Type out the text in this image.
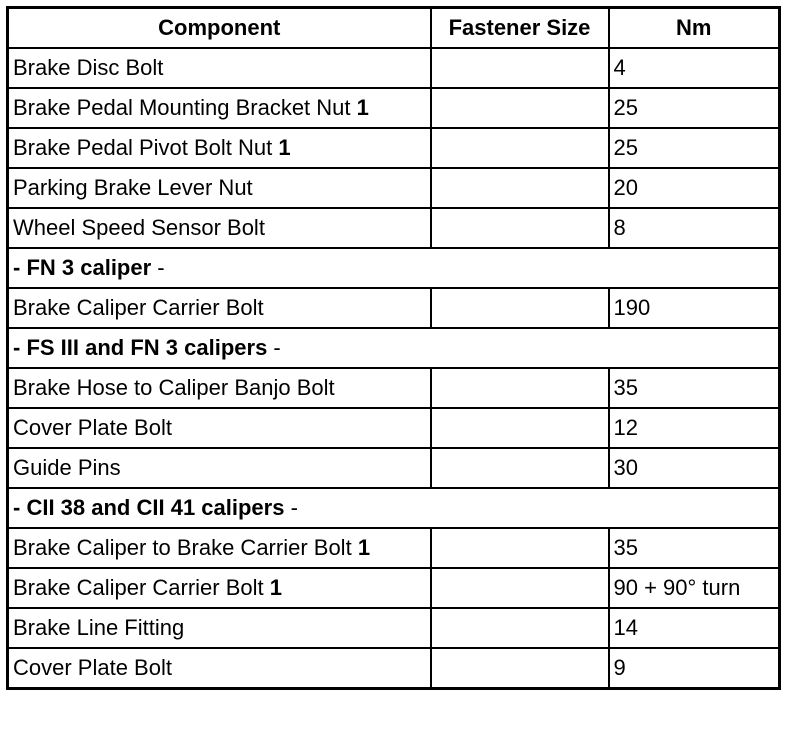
Component	Fastener Size	Nm
Brake Disc Bolt		4
Brake Pedal Mounting Bracket Nut 1		25
Brake Pedal Pivot Bolt Nut 1		25
Parking Brake Lever Nut		20
Wheel Speed Sensor Bolt		8
- FN 3 caliper -		
Brake Caliper Carrier Bolt		190
- FS III and FN 3 calipers -		
Brake Hose to Caliper Banjo Bolt		35
Cover Plate Bolt		12
Guide Pins		30
- CII 38 and CII 41 calipers -		
Brake Caliper to Brake Carrier Bolt 1		35
Brake Caliper Carrier Bolt 1		90 + 90° turn
Brake Line Fitting		14
Cover Plate Bolt		9
